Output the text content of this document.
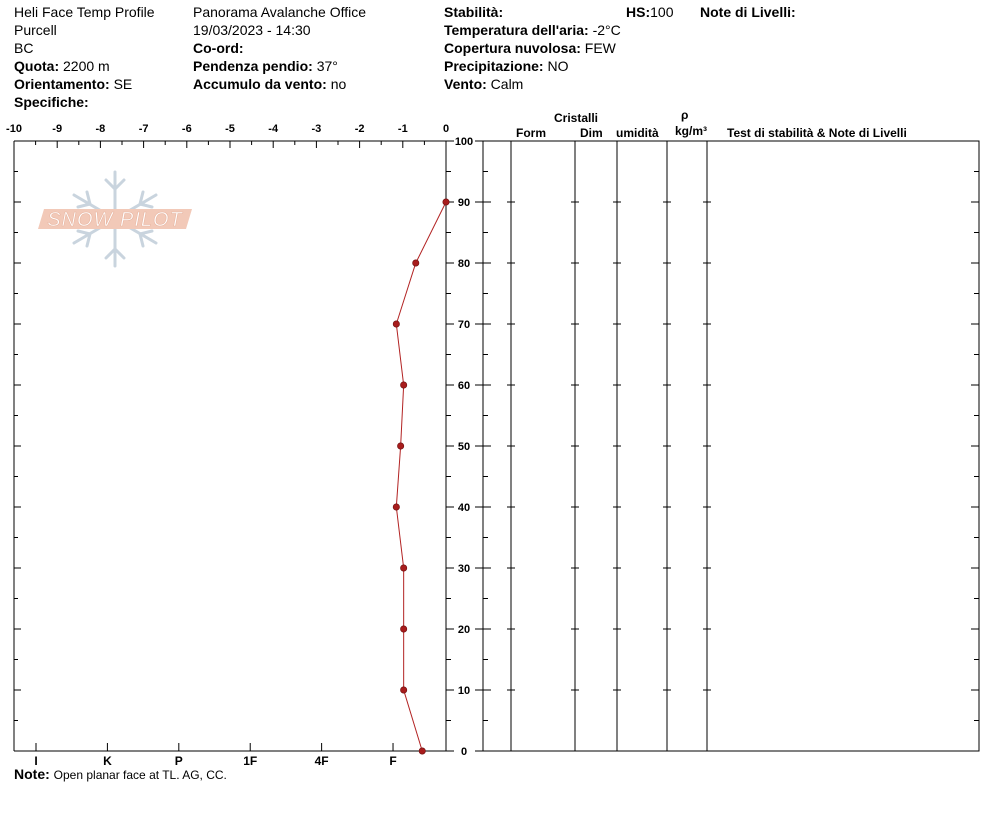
Heli Face Temp Profile
Purcell
BC
Quota: 2200 m
Orientamento: SE
Specifiche:
Panorama Avalanche Office
19/03/2023 - 14:30
Co-ord:
Pendenza pendio: 37°
Accumulo da vento: no
Stabilità:
Temperatura dell'aria: -2°C
Copertura nuvolosa: FEW
Precipitazione: NO
Vento: Calm
HS:100 Note di Livelli:
Cristalli
Form	Dim umidità
ρ
kg/m³ Test di stabilità & Note di Livelli
Note: Open planar face at TL. AG, CC.
SNOW PILOT
-10	-9	-8	-7	-6	-5	-4	-3	-2	-1	0
0
10
20
30
40
50
60
70
80
90
100
I	K	P	1F	4F	F
